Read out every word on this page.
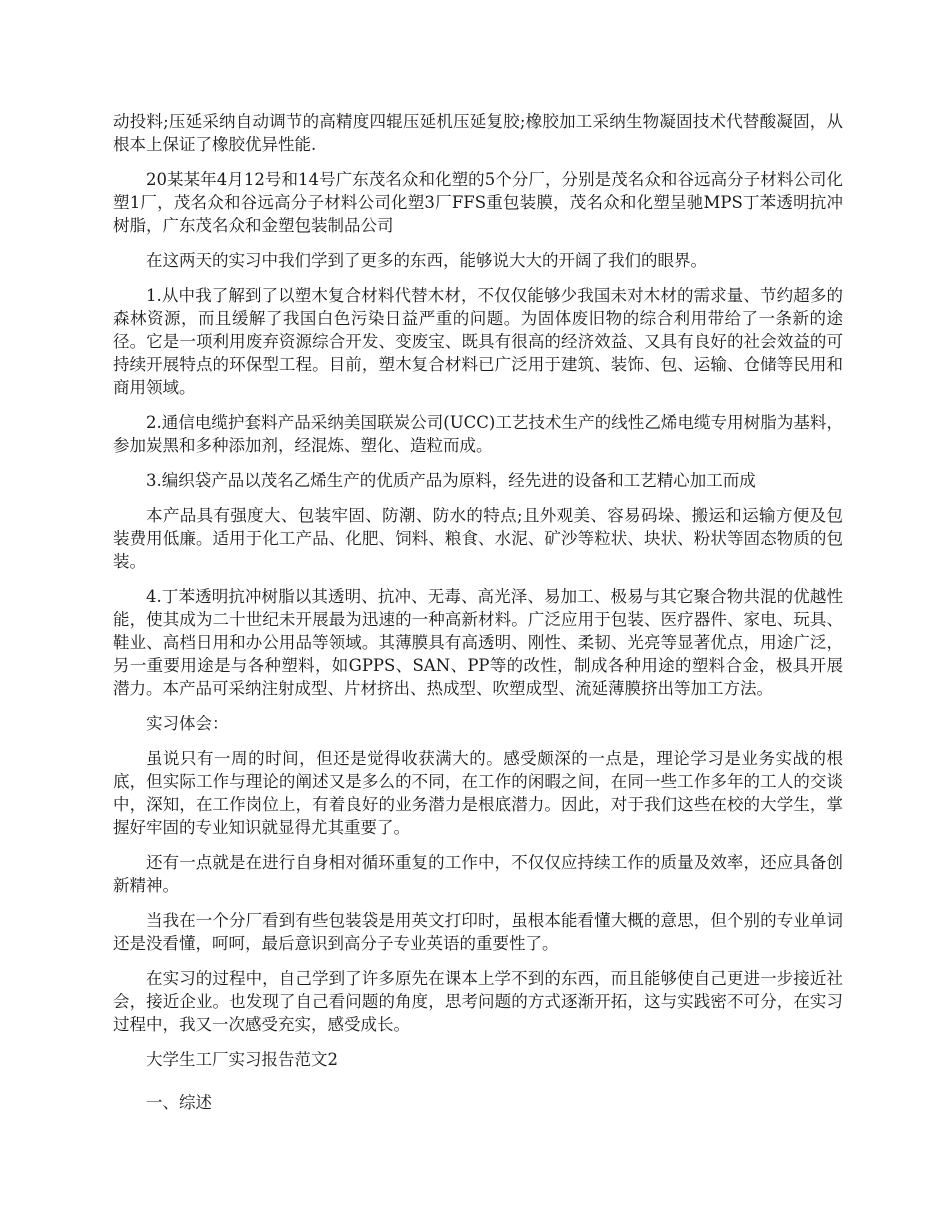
动投料;压延采纳自动调节的高精度四辊压延机压延复胶;橡胶加工采纳生物凝固技术代替酸凝固，从根本上保证了橡胶优异性能.

20某某年4月12号和14号广东茂名众和化塑的5个分厂，分别是茂名众和谷远高分子材料公司化塑1厂，茂名众和谷远高分子材料公司化塑3厂FFS重包装膜，茂名众和化塑呈驰MPS丁苯透明抗冲树脂，广东茂名众和金塑包装制品公司

在这两天的实习中我们学到了更多的东西，能够说大大的开阔了我们的眼界。

1.从中我了解到了以塑木复合材料代替木材，不仅仅能够少我国未对木材的需求量、节约超多的森林资源，而且缓解了我国白色污染日益严重的问题。为固体废旧物的综合利用带给了一条新的途径。它是一项利用废弃资源综合开发、变废宝、既具有很高的经济效益、又具有良好的社会效益的可持续开展特点的环保型工程。目前，塑木复合材料已广泛用于建筑、装饰、包、运输、仓储等民用和商用领域。

2.通信电缆护套料产品采纳美国联炭公司(UCC)工艺技术生产的线性乙烯电缆专用树脂为基料，参加炭黑和多种添加剂，经混炼、塑化、造粒而成。

3.编织袋产品以茂名乙烯生产的优质产品为原料，经先进的设备和工艺精心加工而成

本产品具有强度大、包装牢固、防潮、防水的特点;且外观美、容易码垛、搬运和运输方便及包装费用低廉。适用于化工产品、化肥、饲料、粮食、水泥、矿沙等粒状、块状、粉状等固态物质的包装。

4.丁苯透明抗冲树脂以其透明、抗冲、无毒、高光泽、易加工、极易与其它聚合物共混的优越性能，使其成为二十世纪未开展最为迅速的一种高新材料。广泛应用于包装、医疗器件、家电、玩具、鞋业、高档日用和办公用品等领域。其薄膜具有高透明、刚性、柔韧、光亮等显著优点，用途广泛，另一重要用途是与各种塑料，如GPPS、SAN、PP等的改性，制成各种用途的塑料合金，极具开展潜力。本产品可采纳注射成型、片材挤出、热成型、吹塑成型、流延薄膜挤出等加工方法。

实习体会：

虽说只有一周的时间，但还是觉得收获满大的。感受颇深的一点是，理论学习是业务实战的根底，但实际工作与理论的阐述又是多么的不同，在工作的闲暇之间，在同一些工作多年的工人的交谈中，深知，在工作岗位上，有着良好的业务潜力是根底潜力。因此，对于我们这些在校的大学生，掌握好牢固的专业知识就显得尤其重要了。

还有一点就是在进行自身相对循环重复的工作中，不仅仅应持续工作的质量及效率，还应具备创新精神。

当我在一个分厂看到有些包装袋是用英文打印时，虽根本能看懂大概的意思，但个别的专业单词还是没看懂，呵呵，最后意识到高分子专业英语的重要性了。

在实习的过程中，自己学到了许多原先在课本上学不到的东西，而且能够使自己更进一步接近社会，接近企业。也发现了自己看问题的角度，思考问题的方式逐渐开拓，这与实践密不可分，在实习过程中，我又一次感受充实，感受成长。

大学生工厂实习报告范文2

一、综述
